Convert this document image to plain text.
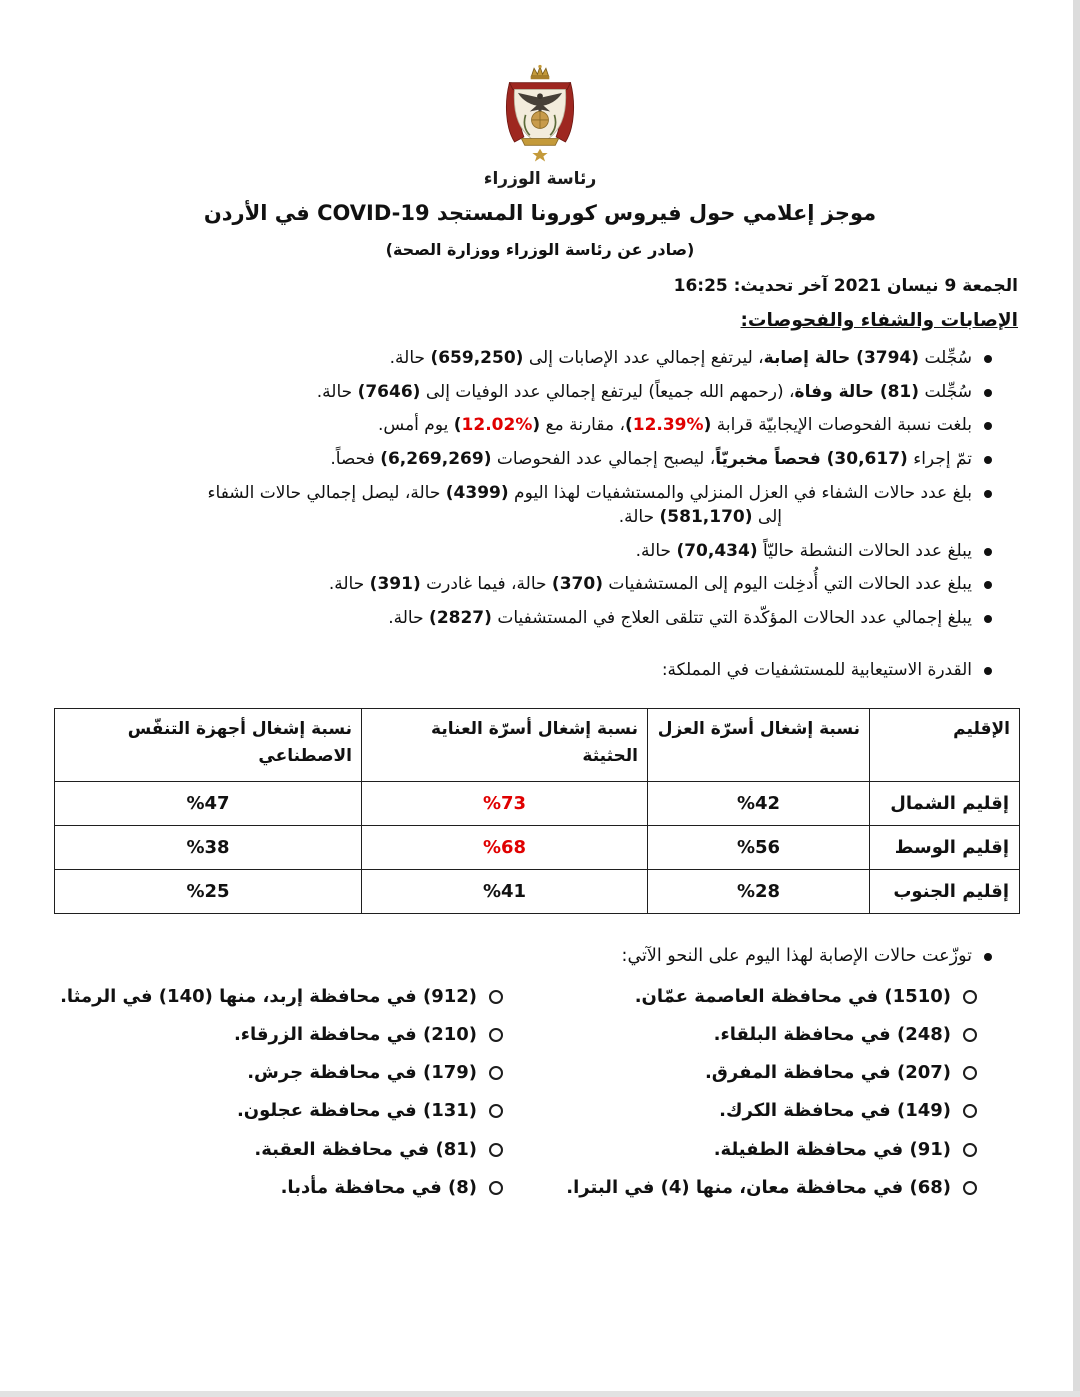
رئاسة الوزراء
موجز إعلامي حول فيروس كورونا المستجد COVID-19 في الأردن
(صادر عن رئاسة الوزراء ووزارة الصحة)
الجمعة 9 نيسان 2021 آخر تحديث: 16:25
الإصابات والشفاء والفحوصات:
سُجِّلت (3794) حالة إصابة، ليرتفع إجمالي عدد الإصابات إلى (659,250) حالة.
سُجِّلت (81) حالة وفاة، (رحمهم الله جميعاً) ليرتفع إجمالي عدد الوفيات إلى (7646) حالة.
بلغت نسبة الفحوصات الإيجابيّة قرابة (%12.39)، مقارنة مع (%12.02) يوم أمس.
تمّ إجراء (30,617) فحصاً مخبريّاً، ليصبح إجمالي عدد الفحوصات (6,269,269) فحصاً.
بلغ عدد حالات الشفاء في العزل المنزلي والمستشفيات لهذا اليوم (4399) حالة، ليصل إجمالي حالات الشفاء
إلى (581,170) حالة.
يبلغ عدد الحالات النشطة حاليّاً (70,434) حالة.
يبلغ عدد الحالات التي أُدخِلت اليوم إلى المستشفيات (370) حالة، فيما غادرت (391) حالة.
يبلغ إجمالي عدد الحالات المؤكّدة التي تتلقى العلاج في المستشفيات (2827) حالة.
القدرة الاستيعابية للمستشفيات في المملكة:
الإقليم	نسبة إشغال أسرّة العزل	نسبة إشغال أسرّة العناية الحثيثة	نسبة إشغال أجهزة التنفّس الاصطناعي
إقليم الشمال	%42	%73	%47
إقليم الوسط	%56	%68	%38
إقليم الجنوب	%28	%41	%25
توزّعت حالات الإصابة لهذا اليوم على النحو الآتي:
(1510) في محافظة العاصمة عمّان.
(248) في محافظة البلقاء.
(207) في محافظة المفرق.
(149) في محافظة الكرك.
(91) في محافظة الطفيلة.
(68) في محافظة معان، منها (4) في البترا.
(912) في محافظة إربد، منها (140) في الرمثا.
(210) في محافظة الزرقاء.
(179) في محافظة جرش.
(131) في محافظة عجلون.
(81) في محافظة العقبة.
(8) في محافظة مأدبا.
